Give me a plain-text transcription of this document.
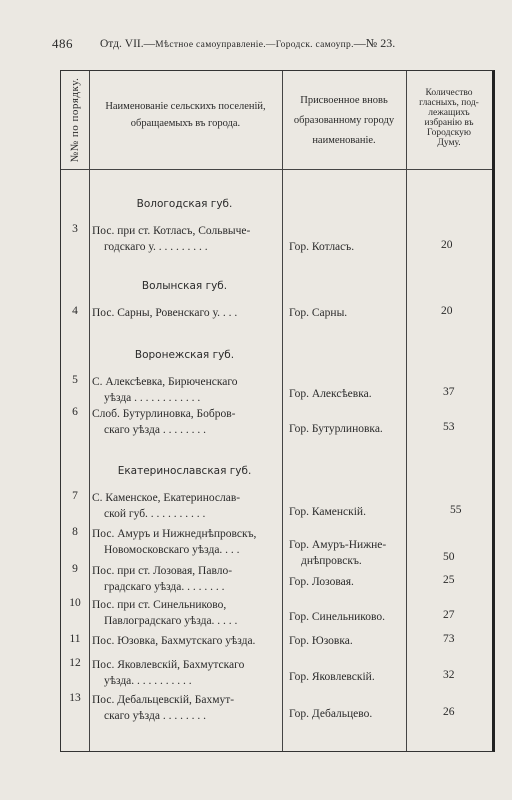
486 Отд. VII.—Мѣстное самоуправленіе.—Городск. самоупр.—№ 23.
№№ по порядку.	Наименованіе сельскихъ поселеній,
обращаемыхъ въ города.
Присвоенное вновь
образованному городу
наименованіе.
Количество
гласныхъ, под-
лежащихъ
избранію въ
Городскую
Думу.
Вологодская губ.
3	Пос. при ст. Котласъ, Сольвыче-
годскаго у. . . . . . . . . .	Гор. Котласъ.	20
Волынская губ.
4	Пос. Сарны, Ровенскаго у. . . .	Гор. Сарны.	20
Воронежская губ.
5	С. Алексѣевка, Бирюченскаго
уѣзда . . . . . . . . . . . .	Гор. Алексѣевка.	37
6	Слоб. Бутурлиновка, Бобров-
скаго уѣзда . . . . . . . .	Гор. Бутурлиновка.	53
Екатеринославская губ.
7	С. Каменское, Екатеринослав-
ской губ. . . . . . . . . . .	Гор. Каменскій.	55
8	Пос. Амуръ и Нижнеднѣпровскъ,
Новомосковскаго уѣзда. . . .	Гор. Амуръ-Нижне-
днѣпровскъ.	50
9	Пос. при ст. Лозовая, Павло-
градскаго уѣзда. . . . . . . .	Гор. Лозовая.	25
10 Пос. при ст. Синельниково,
Павлоградскаго уѣзда. . . . .	Гор. Синельниково.	27
11 Пос. Юзовка, Бахмутскаго уѣзда.	Гор. Юзовка.	73
12 Пос. Яковлевскій, Бахмутскаго
уѣзда. . . . . . . . . . .	Гор. Яковлевскій.	32
13 Пос. Дебальцевскій, Бахмут-
скаго уѣзда . . . . . . . .	Гор. Дебальцево.	26
